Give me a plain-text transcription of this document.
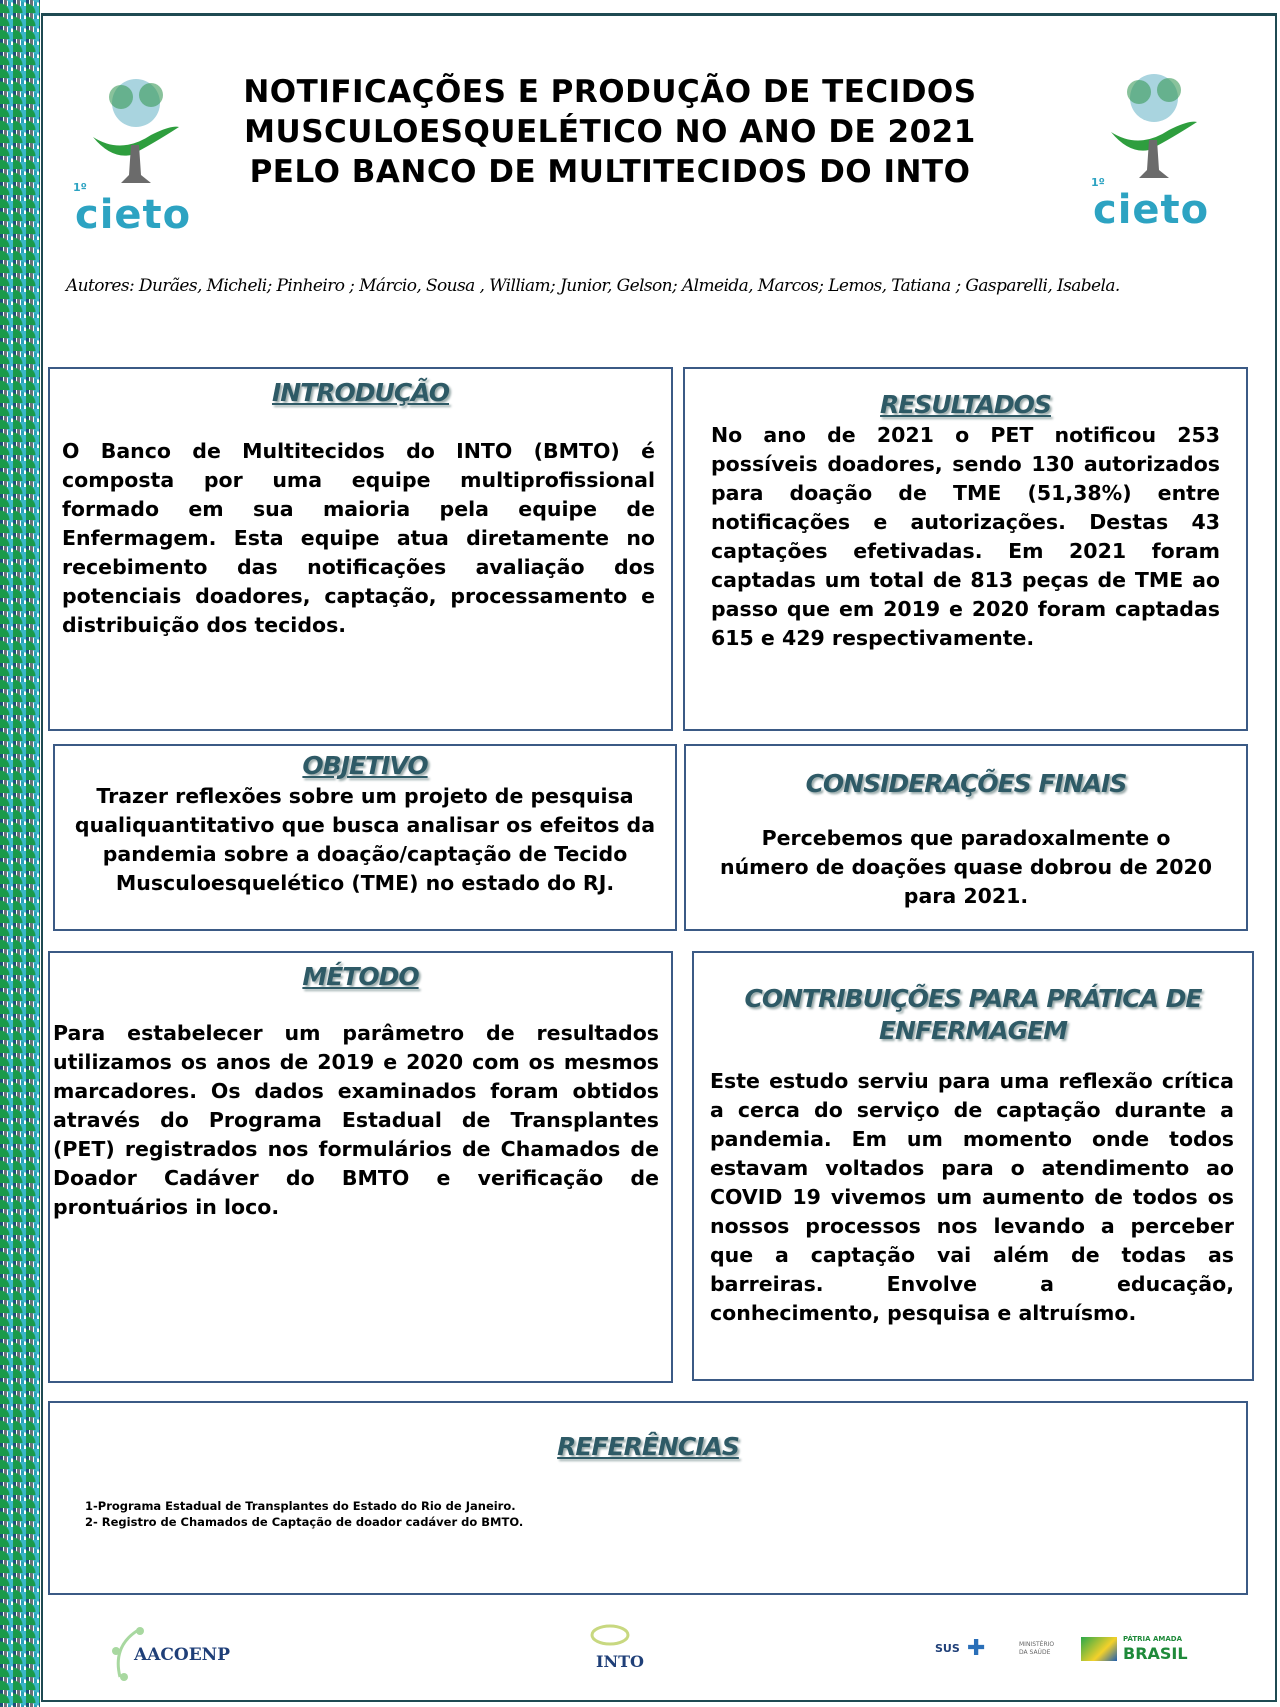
1º
cieto
1º
cieto
NOTIFICAÇÕES E PRODUÇÃO DE TECIDOS
MUSCULOESQUELÉTICO NO ANO DE 2021
PELO BANCO DE MULTITECIDOS DO INTO
Autores: Durães, Micheli; Pinheiro ; Márcio, Sousa , William; Junior, Gelson; Almeida, Marcos; Lemos, Tatiana ; Gasparelli, Isabela.
INTRODUÇÃO

O Banco de Multitecidos do INTO (BMTO) é composta por uma equipe multiprofissional formado em sua maioria pela equipe de Enfermagem. Esta equipe atua diretamente no recebimento das notificações avaliação dos potenciais doadores, captação, processamento e distribuição dos tecidos.

RESULTADOS

No ano de 2021 o PET notificou 253 possíveis doadores, sendo 130 autorizados para doação de TME (51,38%) entre notificações e autorizações. Destas 43 captações efetivadas. Em 2021 foram captadas um total de 813 peças de TME ao passo que em 2019 e 2020 foram captadas 615 e 429 respectivamente.

OBJETIVO

Trazer reflexões sobre um projeto de pesquisa qualiquantitativo que busca analisar os efeitos da pandemia sobre a doação/captação de Tecido Musculoesquelético (TME) no estado do RJ.

CONSIDERAÇÕES FINAIS

Percebemos que paradoxalmente o número de doações quase dobrou de 2020 para 2021.

MÉTODO

Para estabelecer um parâmetro de resultados utilizamos os anos de 2019 e 2020 com os mesmos marcadores. Os dados examinados foram obtidos através do Programa Estadual de Transplantes (PET) registrados nos formulários de Chamados de Doador Cadáver do BMTO e verificação de prontuários in loco.

CONTRIBUIÇÕES PARA PRÁTICA DE
ENFERMAGEM

Este estudo serviu para uma reflexão crítica a cerca do serviço de captação durante a pandemia. Em um momento onde todos estavam voltados para o atendimento ao COVID 19 vivemos um aumento de todos os nossos processos nos levando a perceber que a captação vai além de todas as barreiras. Envolve a educação, conhecimento, pesquisa e altruísmo.

REFERÊNCIAS
1-Programa Estadual de Transplantes do Estado do Rio de Janeiro.
2- Registro de Chamados de Captação de doador cadáver do BMTO.
AACOENP	INTO
SUS ✚	MINISTÉRIO DA SAÚDE
PÁTRIA AMADA
BRASIL
